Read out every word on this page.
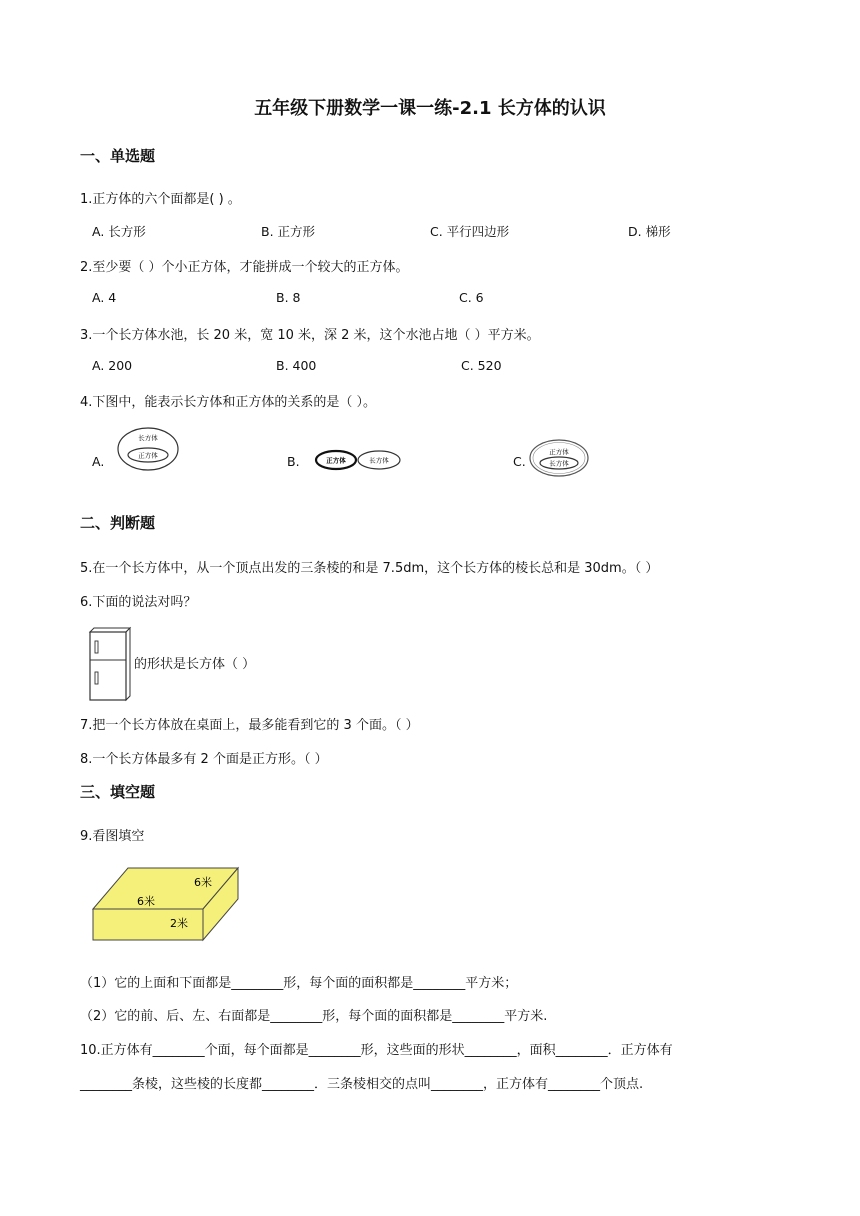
五年级下册数学一课一练-2.1 长方体的认识
一、单选题
1.正方体的六个面都是( ) 。
A. 长方形	B. 正方形	C. 平行四边形	D. 梯形
2.至少要（ ）个小正方体，才能拼成一个较大的正方体。
A. 4	B. 8	C. 6
3.一个长方体水池，长 20 米，宽 10 米，深 2 米，这个水池占地（ ）平方米。
A. 200	B. 400	C. 520
4.下图中，能表示长方体和正方体的关系的是（ ）。
A.	B.	C.
长方体
正方体
正方体	长方体
正方体
长方体
二、判断题
5.在一个长方体中，从一个顶点出发的三条棱的和是 7.5dm，这个长方体的棱长总和是 30dm。（ ）
6.下面的说法对吗？
的形状是长方体（ ）
7.把一个长方体放在桌面上，最多能看到它的 3 个面。（ ）
8.一个长方体最多有 2 个面是正方形。（ ）
三、填空题
9.看图填空
6米
6米
2米
（1）它的上面和下面都是________形，每个面的面积都是________平方米；
（2）它的前、后、左、右面都是________形，每个面的面积都是________平方米.
10.正方体有________个面，每个面都是________形，这些面的形状________，面积________．正方体有
________条棱，这些棱的长度都________．三条棱相交的点叫________，正方体有________个顶点.
